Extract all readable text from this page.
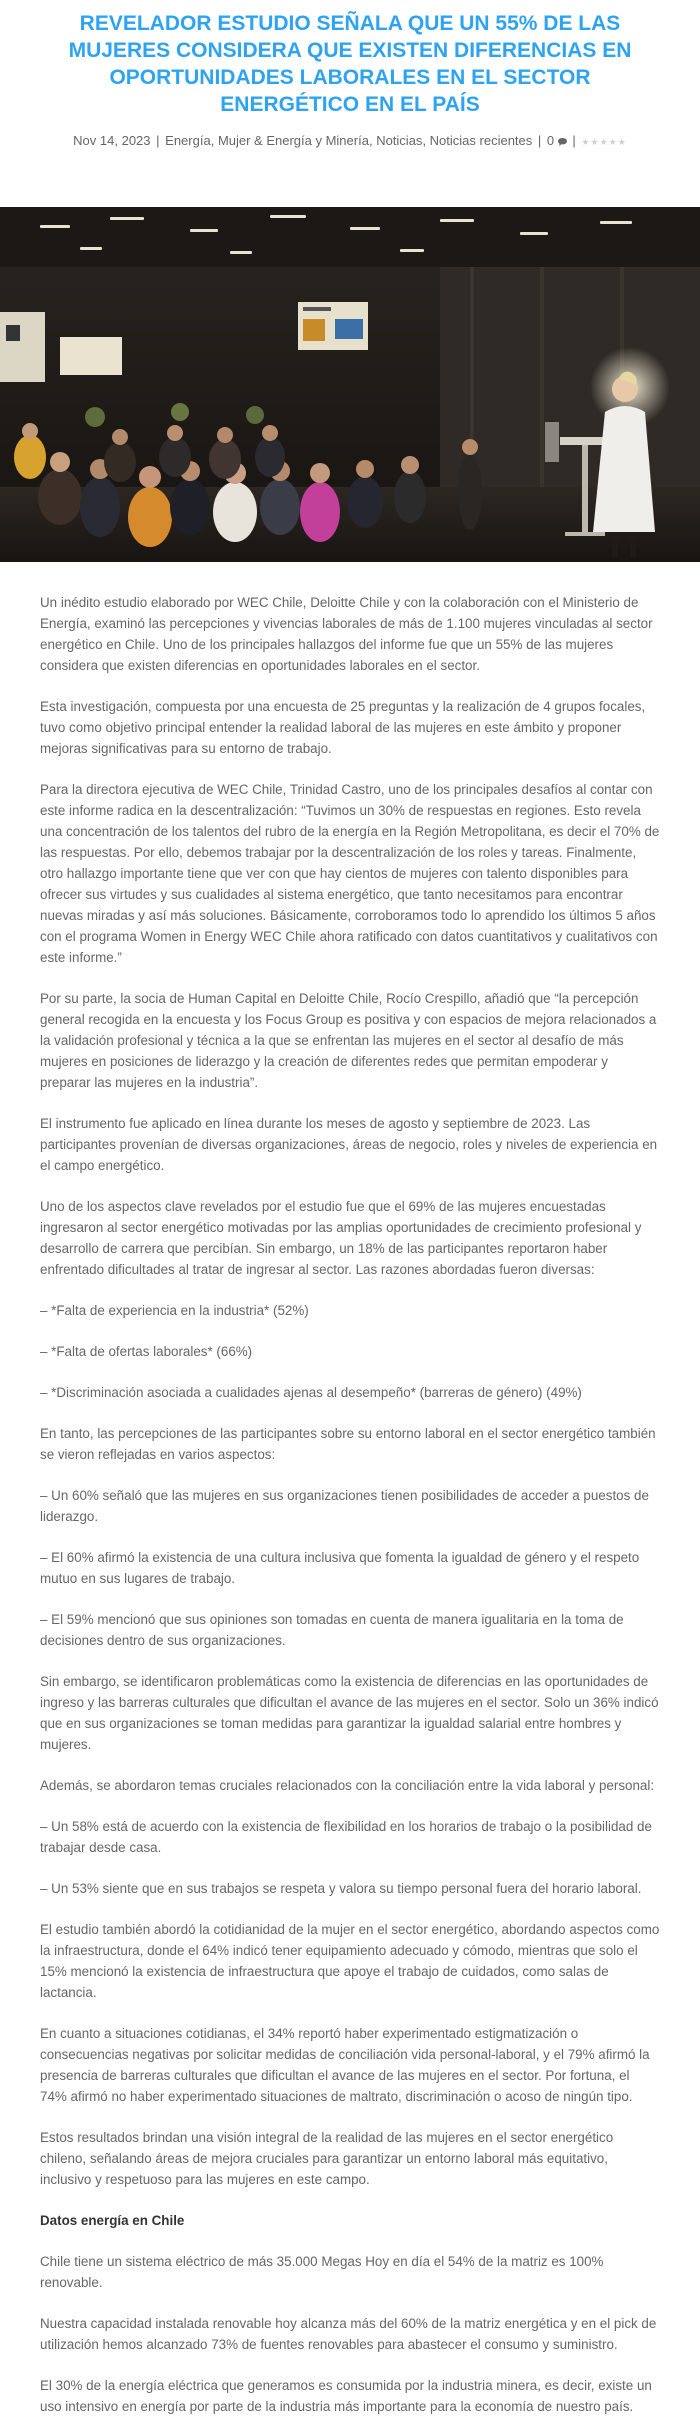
REVELADOR ESTUDIO SEÑALA QUE UN 55% DE LAS MUJERES CONSIDERA QUE EXISTEN DIFERENCIAS EN OPORTUNIDADES LABORALES EN EL SECTOR ENERGÉTICO EN EL PAÍS
Nov 14, 2023 | Energía, Mujer & Energía y Minería, Noticias, Noticias recientes | 0 | ★★★★★

Un inédito estudio elaborado por WEC Chile, Deloitte Chile y con la colaboración con el Ministerio de Energía, examinó las percepciones y vivencias laborales de más de 1.100 mujeres vinculadas al sector energético en Chile. Uno de los principales hallazgos del informe fue que un 55% de las mujeres considera que existen diferencias en oportunidades laborales en el sector.

Esta investigación, compuesta por una encuesta de 25 preguntas y la realización de 4 grupos focales, tuvo como objetivo principal entender la realidad laboral de las mujeres en este ámbito y proponer mejoras significativas para su entorno de trabajo.

Para la directora ejecutiva de WEC Chile, Trinidad Castro, uno de los principales desafíos al contar con este informe radica en la descentralización: “Tuvimos un 30% de respuestas en regiones. Esto revela una concentración de los talentos del rubro de la energía en la Región Metropolitana, es decir el 70% de las respuestas. Por ello, debemos trabajar por la descentralización de los roles y tareas. Finalmente, otro hallazgo importante tiene que ver con que hay cientos de mujeres con talento disponibles para ofrecer sus virtudes y sus cualidades al sistema energético, que tanto necesitamos para encontrar nuevas miradas y así más soluciones. Básicamente, corroboramos todo lo aprendido los últimos 5 años con el programa Women in Energy WEC Chile ahora ratificado con datos cuantitativos y cualitativos con este informe.”

Por su parte, la socia de Human Capital en Deloitte Chile, Rocío Crespillo, añadió que “la percepción general recogida en la encuesta y los Focus Group es positiva y con espacios de mejora relacionados a la validación profesional y técnica a la que se enfrentan las mujeres en el sector al desafío de más mujeres en posiciones de liderazgo y la creación de diferentes redes que permitan empoderar y preparar las mujeres en la industria”.

El instrumento fue aplicado en línea durante los meses de agosto y septiembre de 2023. Las participantes provenían de diversas organizaciones, áreas de negocio, roles y niveles de experiencia en el campo energético.

Uno de los aspectos clave revelados por el estudio fue que el 69% de las mujeres encuestadas ingresaron al sector energético motivadas por las amplias oportunidades de crecimiento profesional y desarrollo de carrera que percibían. Sin embargo, un 18% de las participantes reportaron haber enfrentado dificultades al tratar de ingresar al sector. Las razones abordadas fueron diversas:

– *Falta de experiencia en la industria* (52%)

– *Falta de ofertas laborales* (66%)

– *Discriminación asociada a cualidades ajenas al desempeño* (barreras de género) (49%)

En tanto, las percepciones de las participantes sobre su entorno laboral en el sector energético también se vieron reflejadas en varios aspectos:

– Un 60% señaló que las mujeres en sus organizaciones tienen posibilidades de acceder a puestos de liderazgo.

– El 60% afirmó la existencia de una cultura inclusiva que fomenta la igualdad de género y el respeto mutuo en sus lugares de trabajo.

– El 59% mencionó que sus opiniones son tomadas en cuenta de manera igualitaria en la toma de decisiones dentro de sus organizaciones.

Sin embargo, se identificaron problemáticas como la existencia de diferencias en las oportunidades de ingreso y las barreras culturales que dificultan el avance de las mujeres en el sector. Solo un 36% indicó que en sus organizaciones se toman medidas para garantizar la igualdad salarial entre hombres y mujeres.

Además, se abordaron temas cruciales relacionados con la conciliación entre la vida laboral y personal:

– Un 58% está de acuerdo con la existencia de flexibilidad en los horarios de trabajo o la posibilidad de trabajar desde casa.

– Un 53% siente que en sus trabajos se respeta y valora su tiempo personal fuera del horario laboral.

El estudio también abordó la cotidianidad de la mujer en el sector energético, abordando aspectos como la infraestructura, donde el 64% indicó tener equipamiento adecuado y cómodo, mientras que solo el 15% mencionó la existencia de infraestructura que apoye el trabajo de cuidados, como salas de lactancia.

En cuanto a situaciones cotidianas, el 34% reportó haber experimentado estigmatización o consecuencias negativas por solicitar medidas de conciliación vida personal-laboral, y el 79% afirmó la presencia de barreras culturales que dificultan el avance de las mujeres en el sector. Por fortuna, el 74% afirmó no haber experimentado situaciones de maltrato, discriminación o acoso de ningún tipo.

Estos resultados brindan una visión integral de la realidad de las mujeres en el sector energético chileno, señalando áreas de mejora cruciales para garantizar un entorno laboral más equitativo, inclusivo y respetuoso para las mujeres en este campo.

Datos energía en Chile

Chile tiene un sistema eléctrico de más 35.000 Megas Hoy en día el 54% de la matriz es 100% renovable.

Nuestra capacidad instalada renovable hoy alcanza más del 60% de la matriz energética y en el pick de utilización hemos alcanzado 73% de fuentes renovables para abastecer el consumo y suministro.

El 30% de la energía eléctrica que generamos es consumida por la industria minera, es decir, existe un uso intensivo en energía por parte de la industria más importante para la economía de nuestro país.
